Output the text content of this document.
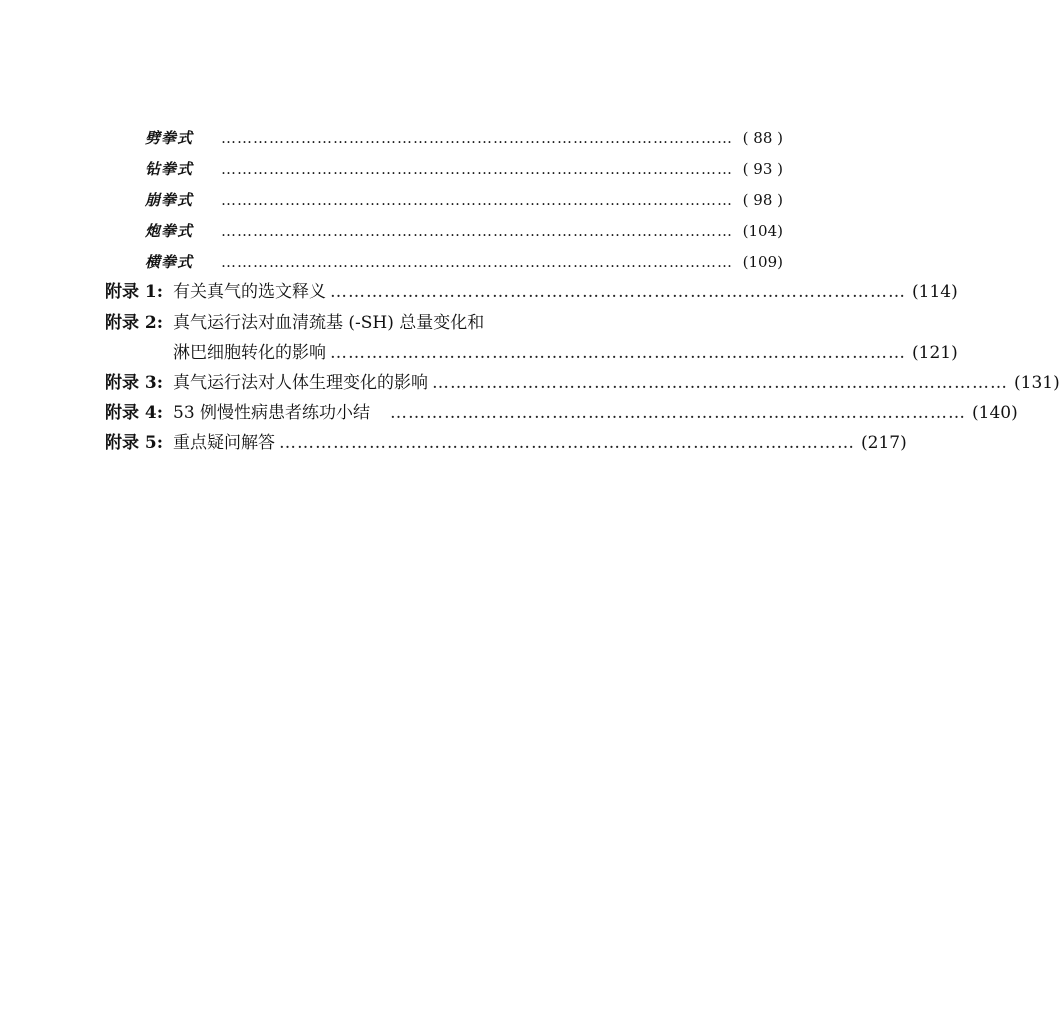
劈拳式	…………………………………………………………………………………… ( 88 )
钻拳式	…………………………………………………………………………………… ( 93 )
崩拳式	…………………………………………………………………………………… ( 98 )
炮拳式	…………………………………………………………………………………… (104)
横拳式	…………………………………………………………………………………… (109)
附录 1: 有关真气的选文释义 …………………………………………………………………………………… (114)
附录 2: 真气运行法对血清巯基 (-SH) 总量变化和
淋巴细胞转化的影响 …………………………………………………………………………………… (121)
附录 3: 真气运行法对人体生理变化的影响 …………………………………………………………………………………… (131)
附录 4: 53 例慢性病患者练功小结 …………………………………………………………………………………… (140)
附录 5: 重点疑问解答 …………………………………………………………………………………… (217)
